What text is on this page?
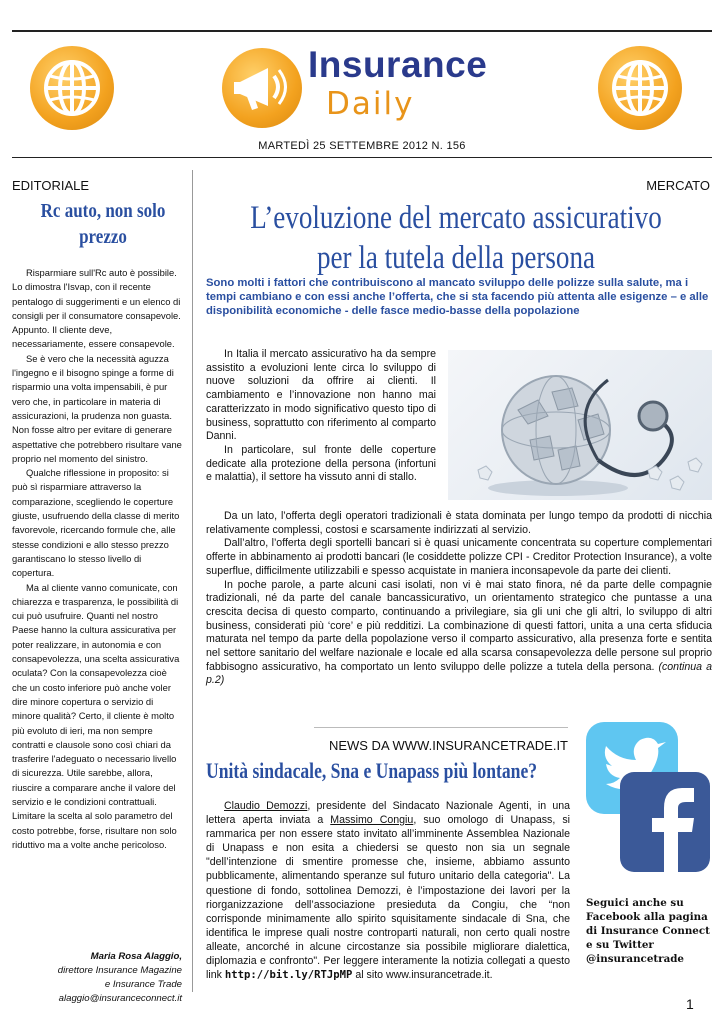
Insurance
Daily
MARTEDÌ 25 SETTEMBRE 2012 N. 156
EDITORIALE
Rc auto, non solo prezzo

Risparmiare sull'Rc auto è possibile. Lo dimostra l'Isvap, con il recente pentalogo di suggerimenti e un elenco di consigli per il consumatore consapevole. Appunto. Il cliente deve, necessariamente, essere consapevole.

Se è vero che la necessità aguzza l'ingegno e il bisogno spinge a forme di risparmio una volta impensabili, è pur vero che, in particolare in materia di assicurazioni, la prudenza non guasta. Non fosse altro per evitare di generare aspettative che potrebbero risultare vane proprio nel momento del sinistro.

Qualche riflessione in proposito: si può sì risparmiare attraverso la comparazione, scegliendo le coperture giuste, usufruendo della classe di merito favorevole, ricercando formule che, alle stesse condizioni e allo stesso prezzo garantiscano lo stesso livello di copertura.

Ma al cliente vanno comunicate, con chiarezza e trasparenza, le possibilità di cui può usufruire. Quanti nel nostro Paese hanno la cultura assicurativa per poter realizzare, in autonomia e con consapevolezza, una scelta assicurativa oculata? Con la consapevolezza cioè che un costo inferiore può anche voler dire minore copertura o servizio di minore qualità? Certo, il cliente è molto più evoluto di ieri, ma non sempre contratti e clausole sono così chiari da trasferire l'adeguato o necessario livello di sicurezza. Utile sarebbe, allora, riuscire a comparare anche il valore del servizio e le condizioni contrattuali. Limitare la scelta al solo parametro del costo potrebbe, forse, risultare non solo riduttivo ma a volte anche pericoloso.

Maria Rosa Alaggio,
direttore Insurance Magazine
e Insurance Trade
alaggio@insuranceconnect.it
MERCATO
L’evoluzione del mercato assicurativo
per la tutela della persona
Sono molti i fattori che contribuiscono al mancato sviluppo delle polizze sulla salute, ma i tempi cambiano e con essi anche l’offerta, che si sta facendo più attenta alle esigenze – e alle disponibilità economiche - delle fasce medio-basse della popolazione

In Italia il mercato assicurativo ha da sempre assistito a evoluzioni lente circa lo sviluppo di nuove soluzioni da offrire ai clienti. Il cambiamento e l’innovazione non hanno mai caratterizzato in modo significativo questo tipo di business, soprattutto con riferimento al comparto Danni.

In particolare, sul fronte delle coperture dedicate alla protezione della persona (infortuni e malattia), il settore ha vissuto anni di stallo.

Da un lato, l’offerta degli operatori tradizionali è stata dominata per lungo tempo da prodotti di nicchia relativamente complessi, costosi e scarsamente indirizzati al servizio.

Dall’altro, l’offerta degli sportelli bancari si è quasi unicamente concentrata su coperture complementari offerte in abbinamento ai prodotti bancari (le cosiddette polizze CPI - Creditor Protection Insurance), a volte superflue, difficilmente utilizzabili e spesso acquistate in maniera inconsapevole da parte dei clienti.

In poche parole, a parte alcuni casi isolati, non vi è mai stato finora, né da parte delle compagnie tradizionali, né da parte del canale bancassicurativo, un orientamento strategico che puntasse a una crescita decisa di questo comparto, continuando a privilegiare, sia gli uni che gli altri, lo sviluppo di altri business, considerati più ‘core’ e più redditizi. La combinazione di questi fattori, unita a una certa sfiducia maturata nel tempo da parte della popolazione verso il comparto assicurativo, alla presenza forte e sentita nel settore sanitario del welfare nazionale e locale ed alla scarsa consapevolezza delle persone sul proprio fabbisogno assicurativo, ha comportato un lento sviluppo delle polizze a tutela della persona. (continua a p.2)

NEWS DA WWW.INSURANCETRADE.IT
Unità sindacale, Sna e Unapass più lontane?

Claudio Demozzi, presidente del Sindacato Nazionale Agenti, in una lettera aperta inviata a Massimo Congiu, suo omologo di Unapass, si rammarica per non essere stato invitato all’imminente Assemblea Nazionale di Unapass e non esita a chiedersi se questo non sia un segnale "dell’intenzione di smentire promesse che, insieme, abbiamo assunto pubblicamente, alimentando speranze sul futuro unitario della categoria". La questione di fondo, sottolinea Demozzi, è l’impostazione dei lavori per la riorganizzazione dell’associazione presieduta da Congiu, che “non corrisponde minimamente allo spirito squisitamente sindacale di Sna, che identifica le imprese quali nostre controparti naturali, non certo quali nostre alleate, ancorché in alcune circostanze sia possibile migliorare dialettica, diplomazia e confronto". Per leggere interamente la notizia collegati a questo link http://bit.ly/RTJpMP al sito www.insurancetrade.it.

Seguici anche su Facebook alla pagina di Insurance Connect e su Twitter @insurancetrade
1
